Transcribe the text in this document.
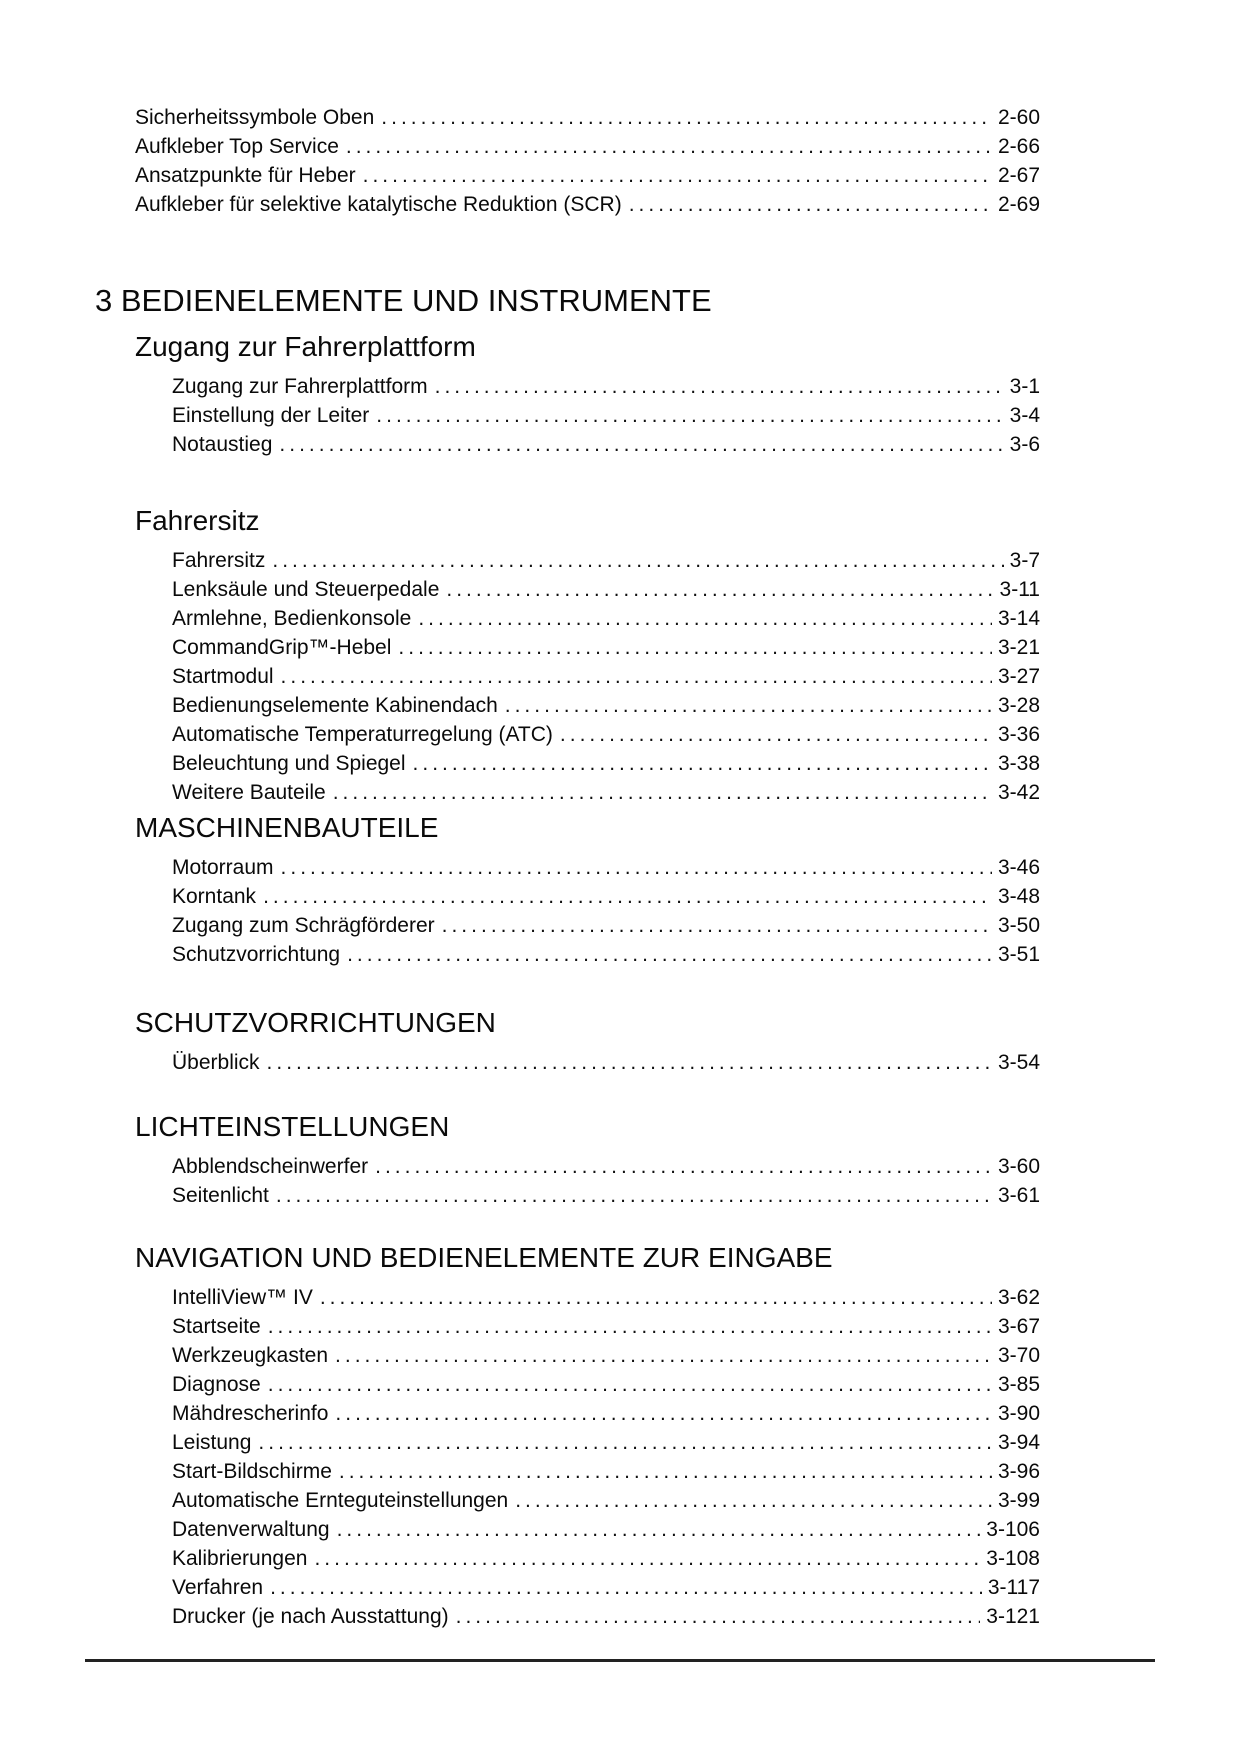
Sicherheitssymbole Oben .....	2-60
Aufkleber Top Service .....	2-66
Ansatzpunkte für Heber .....	2-67
Aufkleber für selektive katalytische Reduktion (SCR) .....	2-69
3 BEDIENELEMENTE UND INSTRUMENTE
Zugang zur Fahrerplattform
Zugang zur Fahrerplattform .....	3-1
Einstellung der Leiter .....	3-4
Notaustieg .....	3-6
Fahrersitz
Fahrersitz .....	3-7
Lenksäule und Steuerpedale .....	3-11
Armlehne, Bedienkonsole .....	3-14
CommandGrip™-Hebel .....	3-21
Startmodul .....	3-27
Bedienungselemente Kabinendach .....	3-28
Automatische Temperaturregelung (ATC) .....	3-36
Beleuchtung und Spiegel .....	3-38
Weitere Bauteile .....	3-42
MASCHINENBAUTEILE
Motorraum .....	3-46
Korntank .....	3-48
Zugang zum Schrägförderer .....	3-50
Schutzvorrichtung .....	3-51
SCHUTZVORRICHTUNGEN
Überblick .....	3-54
LICHTEINSTELLUNGEN
Abblendscheinwerfer .....	3-60
Seitenlicht .....	3-61
NAVIGATION UND BEDIENELEMENTE ZUR EINGABE
IntelliView™ IV .....	3-62
Startseite .....	3-67
Werkzeugkasten .....	3-70
Diagnose .....	3-85
Mähdrescherinfo .....	3-90
Leistung .....	3-94
Start-Bildschirme .....	3-96
Automatische Ernteguteinstellungen .....	3-99
Datenverwaltung .....	3-106
Kalibrierungen .....	3-108
Verfahren .....	3-117
Drucker (je nach Ausstattung) .....	3-121
